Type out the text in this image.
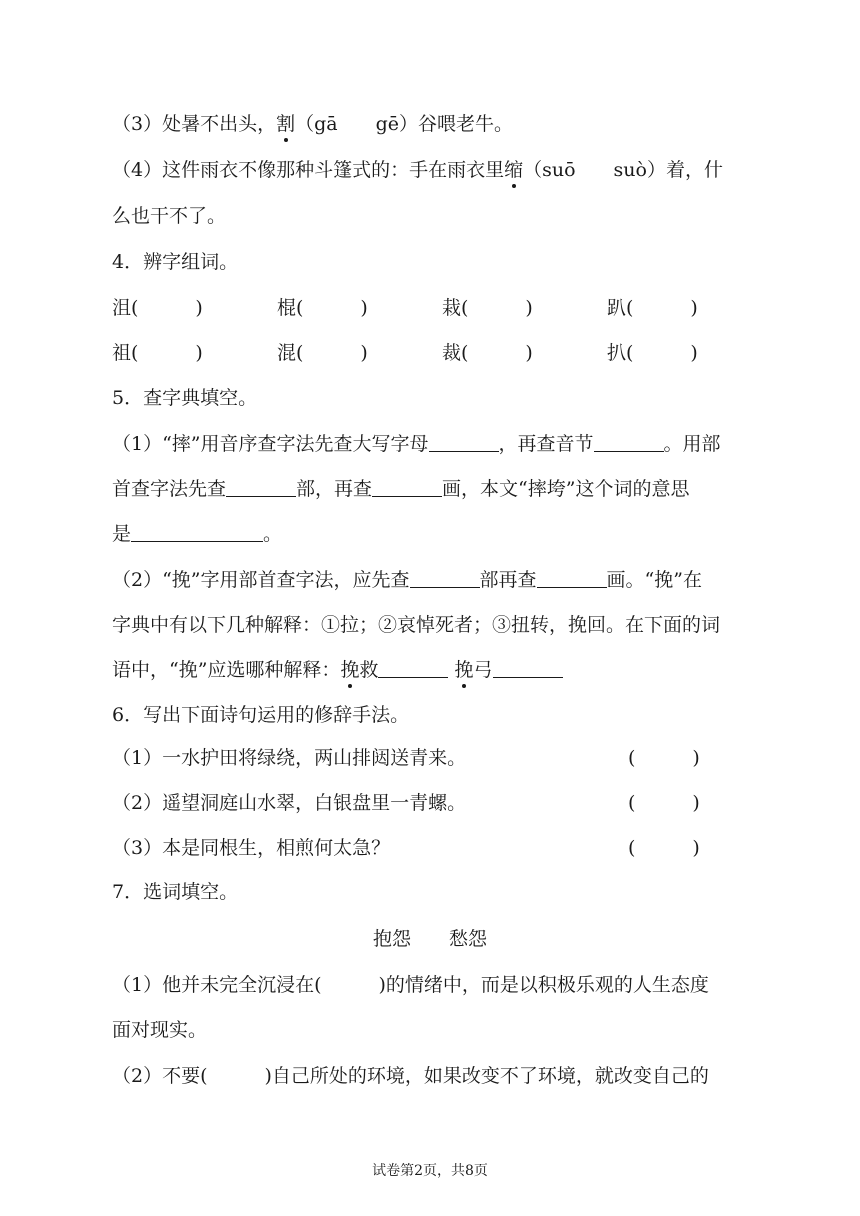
（3）处暑不出头，割（gā　　gē）谷喂老牛。
（4）这件雨衣不像那种斗篷式的：手在雨衣里缩（suō　　suò）着，什
么也干不了。
4．辨字组词。
沮(　　　)	棍(　　　)	栽(　　　)	趴(　　　)
祖(　　　)	混(　　　)	裁(　　　)	扒(　　　)
5．查字典填空。
（1）“摔”用音序查字法先查大写字母	，再查音节	。用部
首查字法先查	部，再查	画，本文“摔垮”这个词的意思
是	。
（2）“挽”字用部首查字法，应先查	部再查	画。“挽”在
字典中有以下几种解释：①拉；②哀悼死者；③扭转，挽回。在下面的词
语中，“挽”应选哪种解释：挽救	挽弓
6．写出下面诗句运用的修辞手法。
（1）一水护田将绿绕，两山排闼送青来。	(　　　)
（2）遥望洞庭山水翠，白银盘里一青螺。	(　　　)
（3）本是同根生，相煎何太急？	(　　　)
7．选词填空。
抱怨　　愁怨
（1）他并未完全沉浸在(　　　)的情绪中，而是以积极乐观的人生态度
面对现实。
（2）不要(　　　)自己所处的环境，如果改变不了环境，就改变自己的
试卷第2页，共8页
